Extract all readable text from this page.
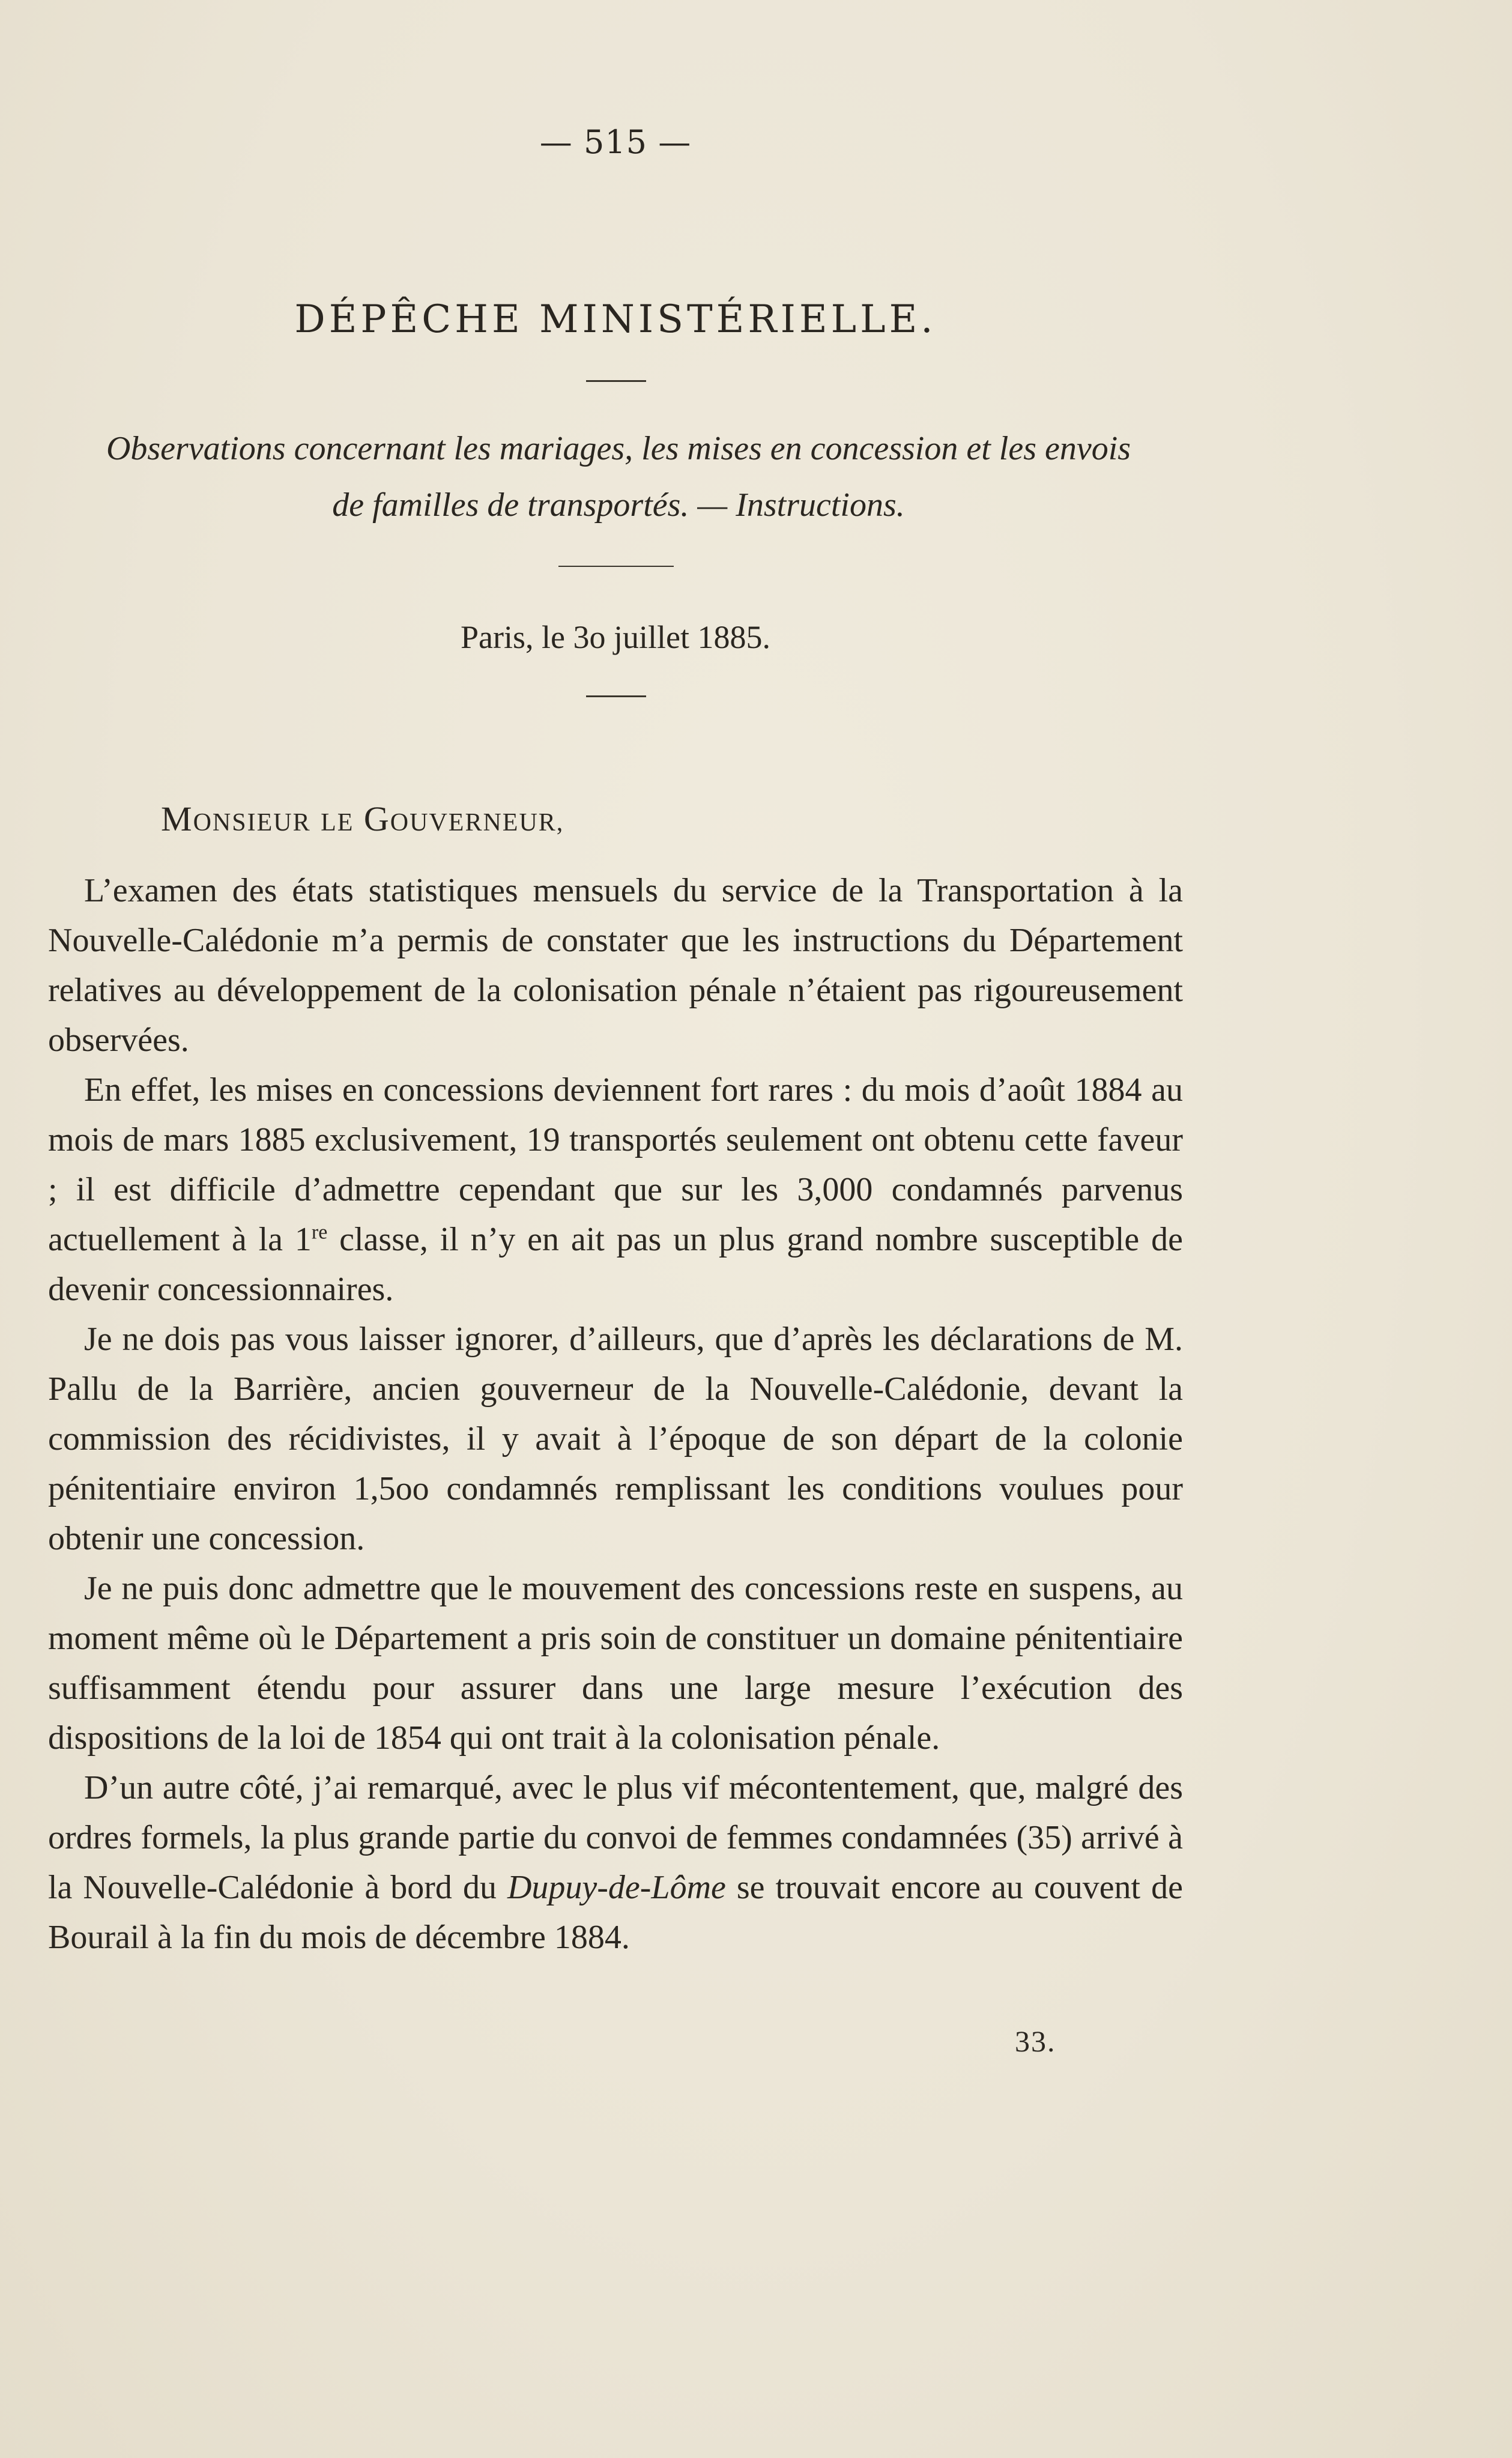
— 515 —
DÉPÊCHE MINISTÉRIELLE.
Observations concernant les mariages, les mises en concession et les envois
de familles de transportés. — Instructions.
Paris, le 3o juillet 1885.
MONSIEUR LE GOUVERNEUR,

L’examen des états statistiques mensuels du service de la Transportation à la Nouvelle-Calédonie m’a permis de constater que les instructions du Département relatives au développement de la colonisation pénale n’étaient pas rigoureusement observées.

En effet, les mises en concessions deviennent fort rares : du mois d’août 1884 au mois de mars 1885 exclusivement, 19 transportés seulement ont obtenu cette faveur ; il est difficile d’admettre cependant que sur les 3,000 condamnés parvenus actuellement à la 1re classe, il n’y en ait pas un plus grand nombre susceptible de devenir concessionnaires.

Je ne dois pas vous laisser ignorer, d’ailleurs, que d’après les déclarations de M. Pallu de la Barrière, ancien gouverneur de la Nouvelle-Calédonie, devant la commission des récidivistes, il y avait à l’époque de son départ de la colonie pénitentiaire environ 1,5oo condamnés remplissant les conditions voulues pour obtenir une concession.

Je ne puis donc admettre que le mouvement des concessions reste en suspens, au moment même où le Département a pris soin de constituer un domaine pénitentiaire suffisamment étendu pour assurer dans une large mesure l’exécution des dispositions de la loi de 1854 qui ont trait à la colonisation pénale.

D’un autre côté, j’ai remarqué, avec le plus vif mécontentement, que, malgré des ordres formels, la plus grande partie du convoi de femmes condamnées (35) arrivé à la Nouvelle-Calédonie à bord du Dupuy-de-Lôme se trouvait encore au couvent de Bourail à la fin du mois de décembre 1884.

33.
